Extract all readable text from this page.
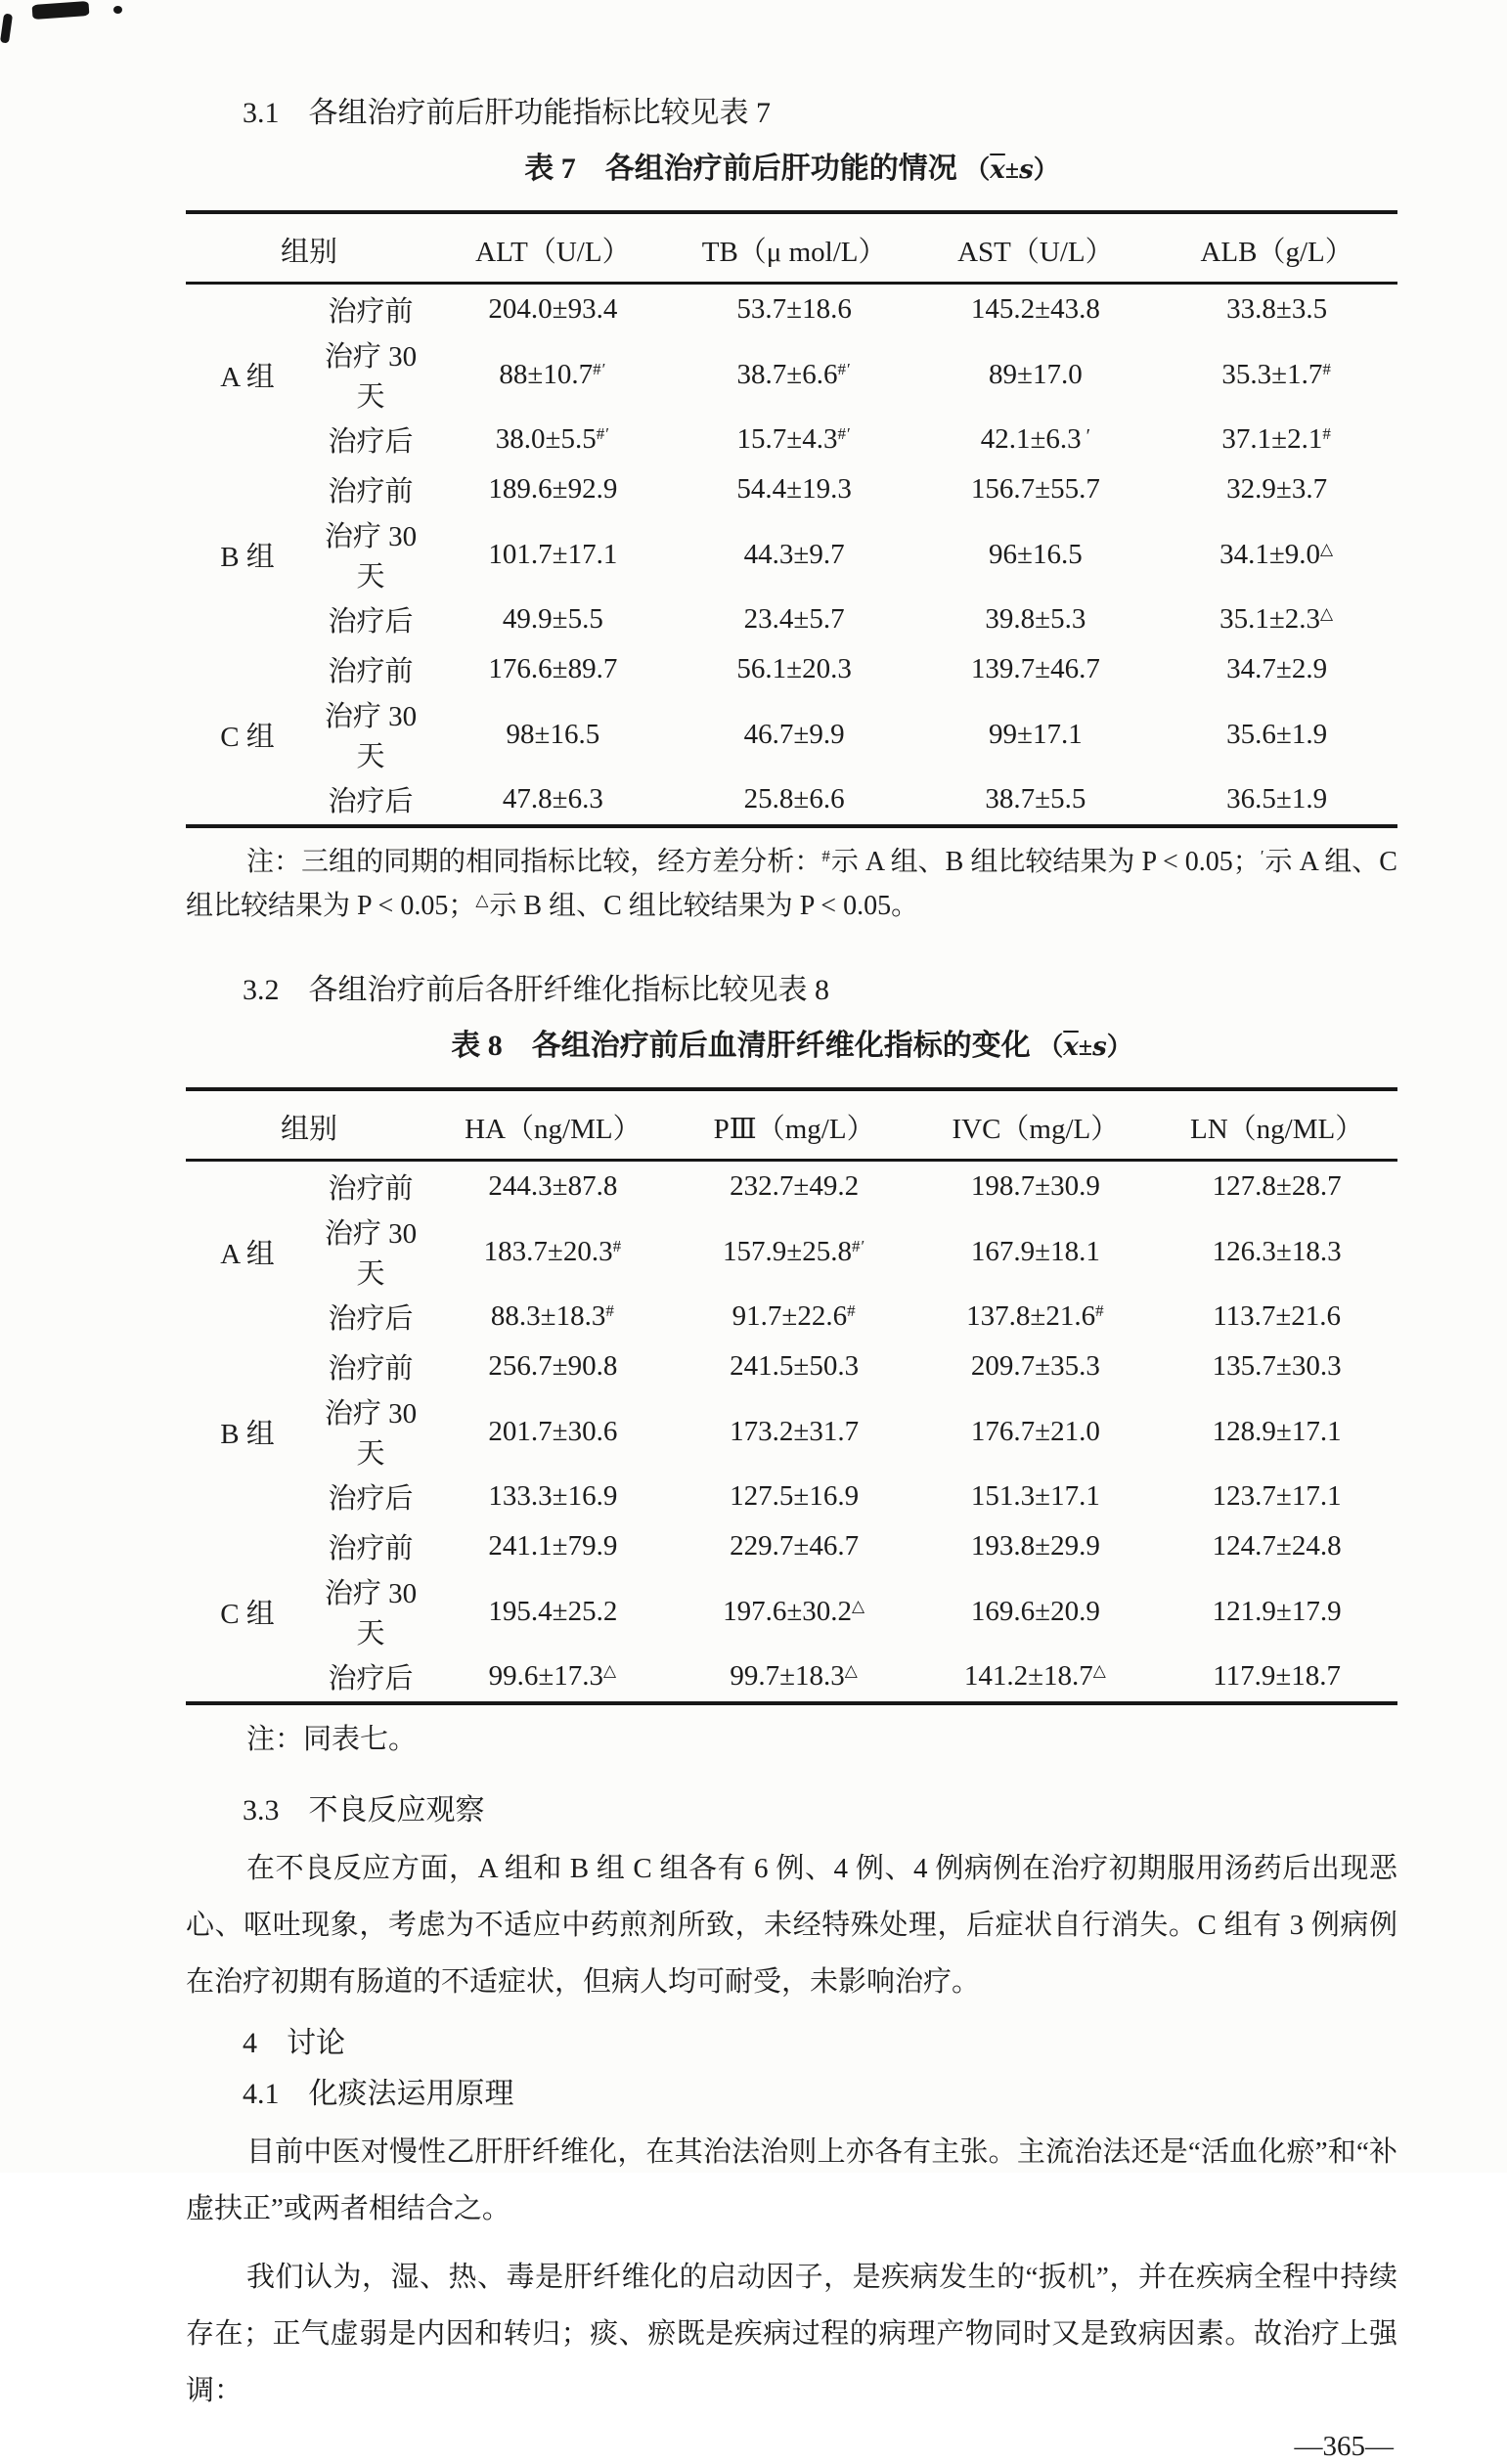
3.1　各组治疗前后肝功能指标比较见表 7
表 7　各组治疗前后肝功能的情况 $(\overline{x}\pm s)$
组别		ALT（U/L）	TB（μ mol/L）	AST（U/L）	ALB（g/L）
	治疗前	204.0±93.4	53.7±18.6	145.2±43.8	33.8±3.5
A 组	治疗 30 天	88±10.7#′	38.7±6.6#′	89±17.0	35.3±1.7#
	治疗后	38.0±5.5#′	15.7±4.3#′	42.1±6.3 ′	37.1±2.1#
	治疗前	189.6±92.9	54.4±19.3	156.7±55.7	32.9±3.7
B 组	治疗 30 天	101.7±17.1	44.3±9.7	96±16.5	34.1±9.0△
	治疗后	49.9±5.5	23.4±5.7	39.8±5.3	35.1±2.3△
	治疗前	176.6±89.7	56.1±20.3	139.7±46.7	34.7±2.9
C 组	治疗 30 天	98±16.5	46.7±9.9	99±17.1	35.6±1.9
	治疗后	47.8±6.3	25.8±6.6	38.7±5.5	36.5±1.9

注：三组的同期的相同指标比较，经方差分析：#示 A 组、B 组比较结果为 P < 0.05；′示 A 组、C 组比较结果为 P < 0.05；△示 B 组、C 组比较结果为 P < 0.05。

3.2　各组治疗前后各肝纤维化指标比较见表 8
表 8　各组治疗前后血清肝纤维化指标的变化 $(\overline{x}\pm s)$
组别		HA（ng/ML）	PⅢ（mg/L）	IVC（mg/L）	LN（ng/ML）
	治疗前	244.3±87.8	232.7±49.2	198.7±30.9	127.8±28.7
A 组	治疗 30 天	183.7±20.3#	157.9±25.8#′	167.9±18.1	126.3±18.3
	治疗后	88.3±18.3#	91.7±22.6#	137.8±21.6#	113.7±21.6
	治疗前	256.7±90.8	241.5±50.3	209.7±35.3	135.7±30.3
B 组	治疗 30 天	201.7±30.6	173.2±31.7	176.7±21.0	128.9±17.1
	治疗后	133.3±16.9	127.5±16.9	151.3±17.1	123.7±17.1
	治疗前	241.1±79.9	229.7±46.7	193.8±29.9	124.7±24.8
C 组	治疗 30 天	195.4±25.2	197.6±30.2△	169.6±20.9	121.9±17.9
	治疗后	99.6±17.3△	99.7±18.3△	141.2±18.7△	117.9±18.7

注：同表七。

3.3　不良反应观察

在不良反应方面，A 组和 B 组 C 组各有 6 例、4 例、4 例病例在治疗初期服用汤药后出现恶心、呕吐现象，考虑为不适应中药煎剂所致，未经特殊处理，后症状自行消失。C 组有 3 例病例在治疗初期有肠道的不适症状，但病人均可耐受，未影响治疗。

4　讨论
4.1　化痰法运用原理

目前中医对慢性乙肝肝纤维化，在其治法治则上亦各有主张。主流治法还是“活血化瘀”和“补虚扶正”或两者相结合之。

我们认为，湿、热、毒是肝纤维化的启动因子，是疾病发生的“扳机”，并在疾病全程中持续存在；正气虚弱是内因和转归；痰、瘀既是疾病过程的病理产物同时又是致病因素。故治疗上强调：

—365—
